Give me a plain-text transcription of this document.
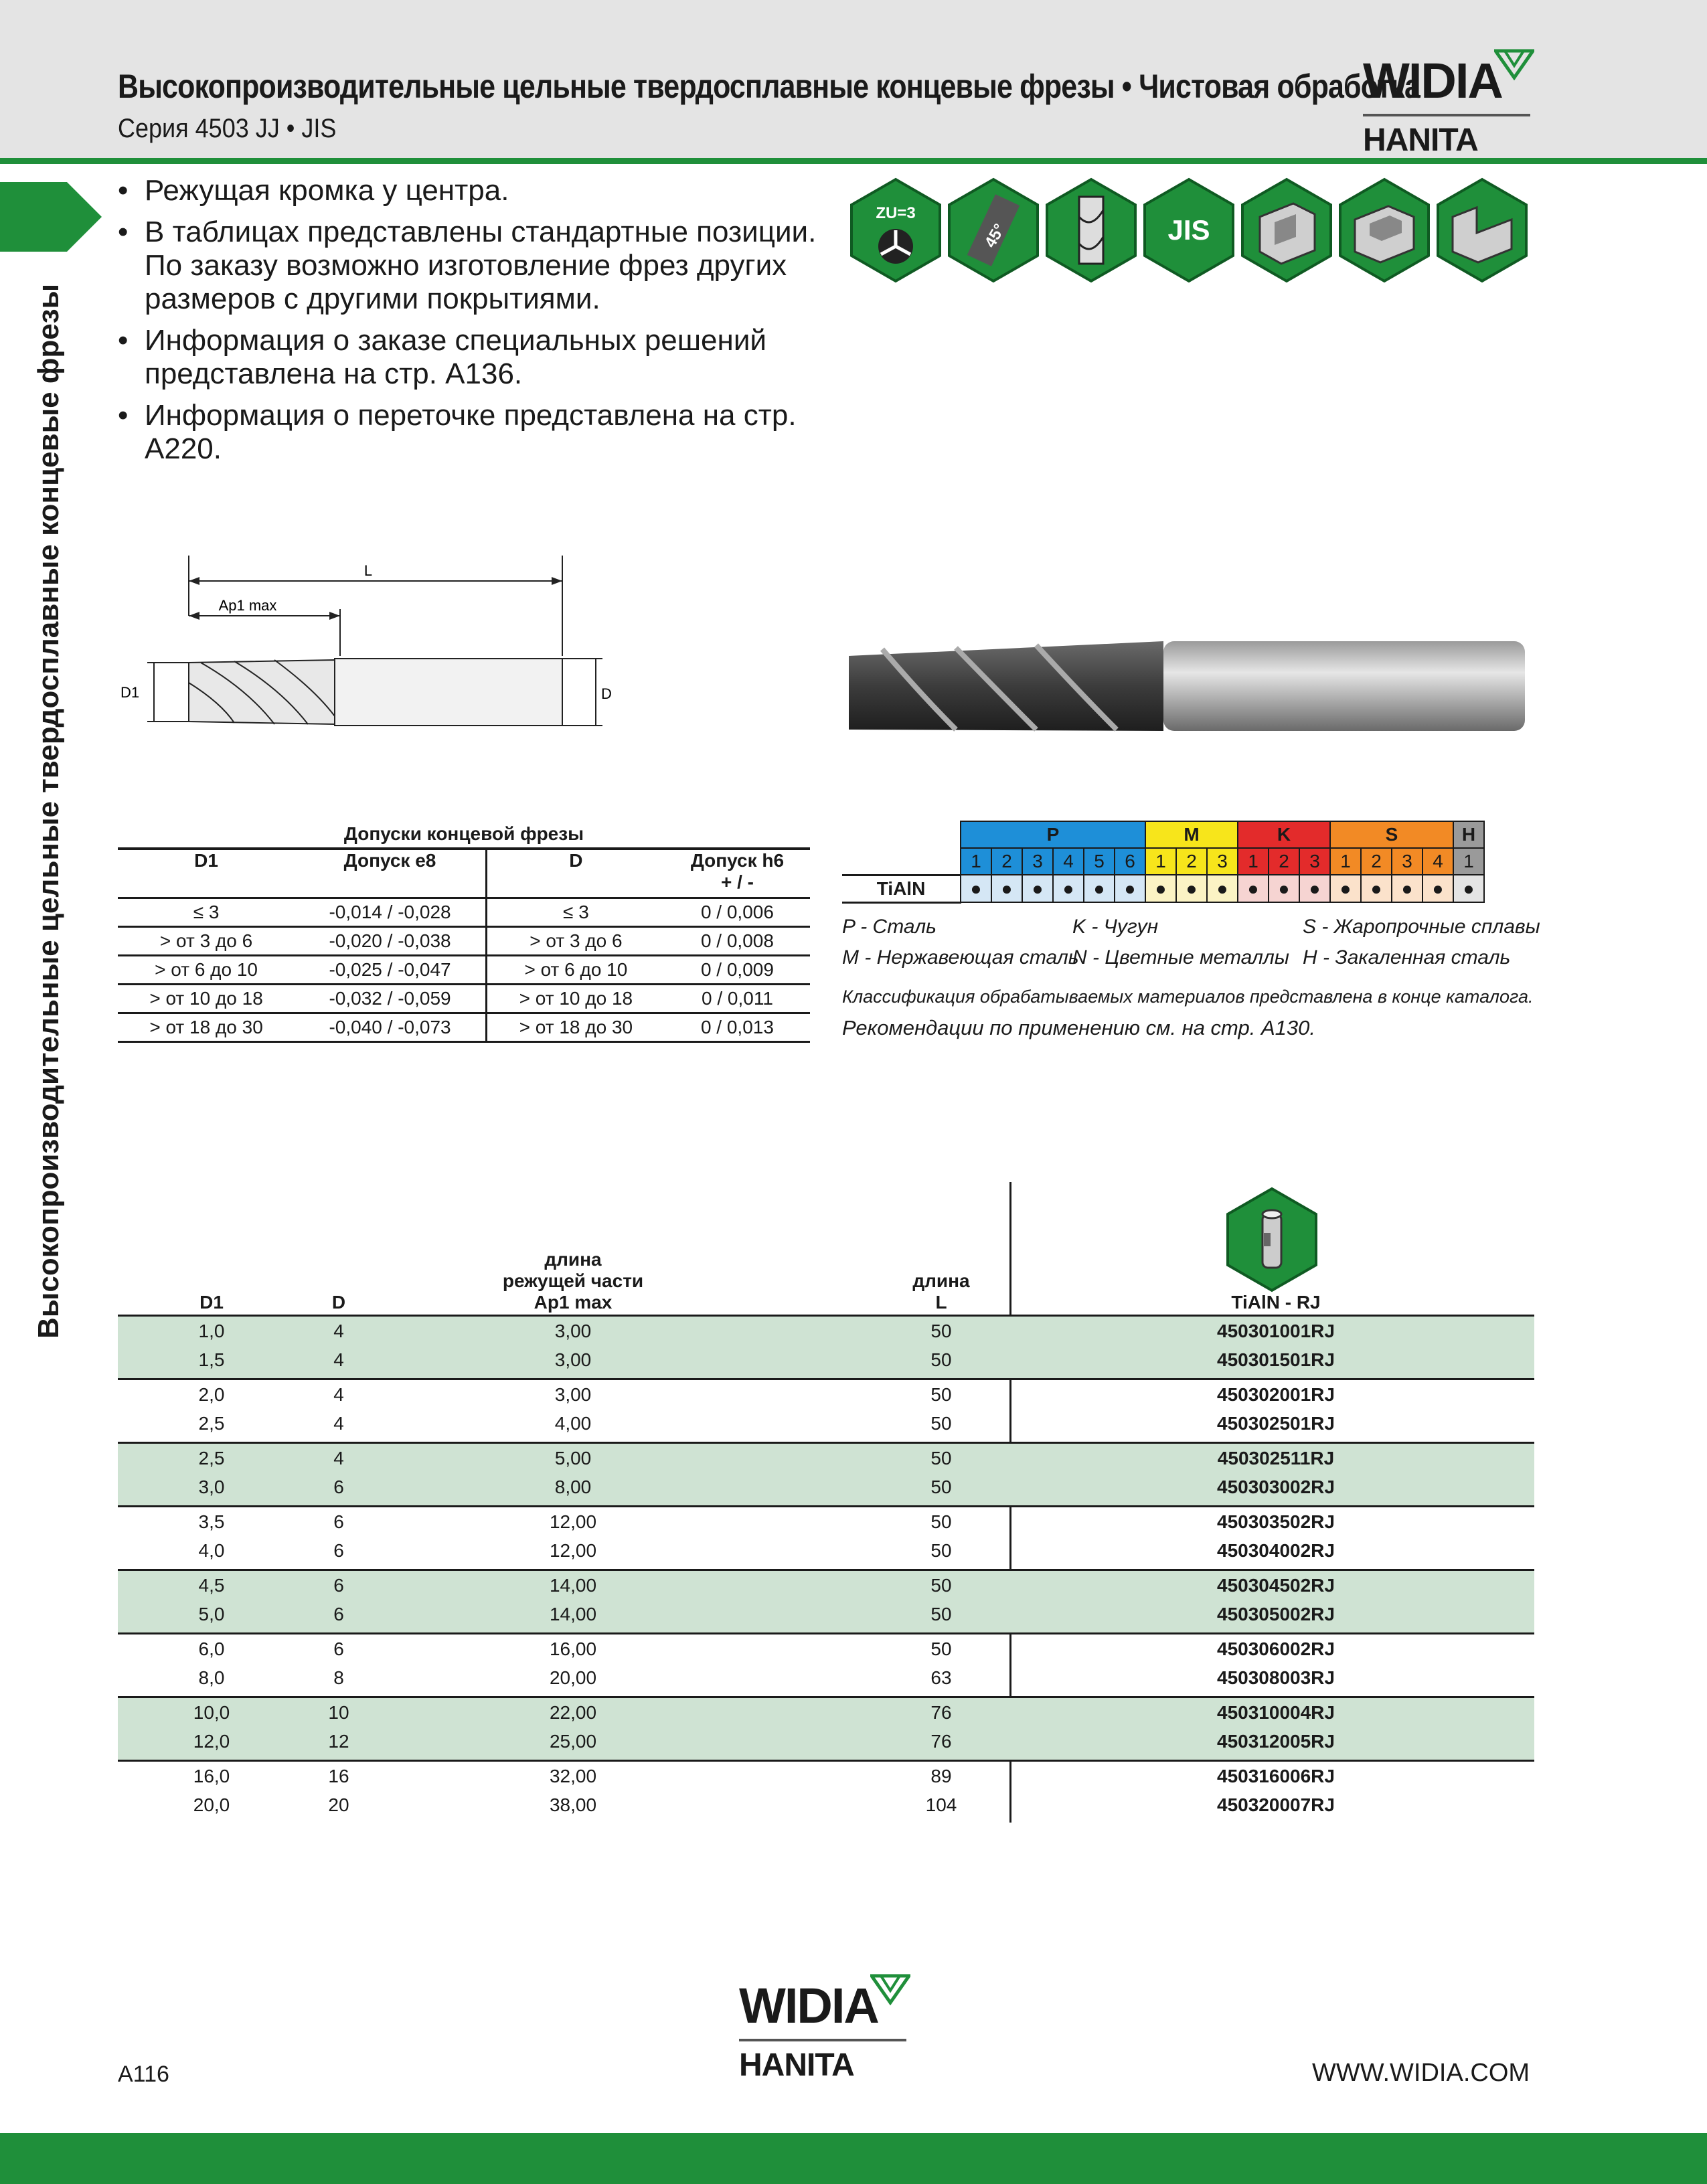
Высокопроизводительные цельные твердосплавные концевые фрезы • Чистовая обработка
Серия 4503 JJ • JIS
WIDIA
HANITA
Высокопроизводительные цельные твердосплавные концевые фрезы
• Режущая кромка у центра.
• В таблицах представлены стандартные позиции. По заказу возможно изготовление фрез других размеров с другими покрытиями.
• Информация о заказе специальных решений представлена на стр. A136.
• Информация о переточке представлена на стр. A220.
ZU=3
45°	JIS
L
Ap1 max
D1	D
Допуски концевой фрезы
D1	Допуск e8	D	Допуск h6
+ / -
≤ 3	-0,014 / -0,028	≤ 3	0 / 0,006
> от 3 до 6	-0,020 / -0,038	> от 3 до 6	0 / 0,008
> от 6 до 10	-0,025 / -0,047	> от 6 до 10	0 / 0,009
> от 10 до 18	-0,032 / -0,059	> от 10 до 18	0 / 0,011
> от 18 до 30	-0,040 / -0,073	> от 18 до 30	0 / 0,013
	P						M			K			S				H
	1	2	3	4	5	6	1	2	3	1	2	3	1	2	3	4	1
TiAlN	●	●	●	●	●	●	●	●	●	●	●	●	●	●	●	●	●
P - Сталь	K - Чугун	S - Жаропрочные сплавы
M - Нержавеющая сталь
N - Цветные металлы H - Закаленная сталь
Классификация обрабатываемых материалов представлена в конце каталога.
Рекомендации по применению см. на стр. A130.
D1	D
длина
режущей части
Ap1 max
длина
L	TiAlN - RJ
1,0	4	3,00	50	450301001RJ
1,5	4	3,00	50	450301501RJ
2,0	4	3,00	50	450302001RJ
2,5	4	4,00	50	450302501RJ
2,5	4	5,00	50	450302511RJ
3,0	6	8,00	50	450303002RJ
3,5	6	12,00	50	450303502RJ
4,0	6	12,00	50	450304002RJ
4,5	6	14,00	50	450304502RJ
5,0	6	14,00	50	450305002RJ
6,0	6	16,00	50	450306002RJ
8,0	8	20,00	63	450308003RJ
10,0	10	22,00	76	450310004RJ
12,0	12	25,00	76	450312005RJ
16,0	16	32,00	89	450316006RJ
20,0	20	38,00	104	450320007RJ
WIDIA
HANITA
A116	WWW.WIDIA.COM
